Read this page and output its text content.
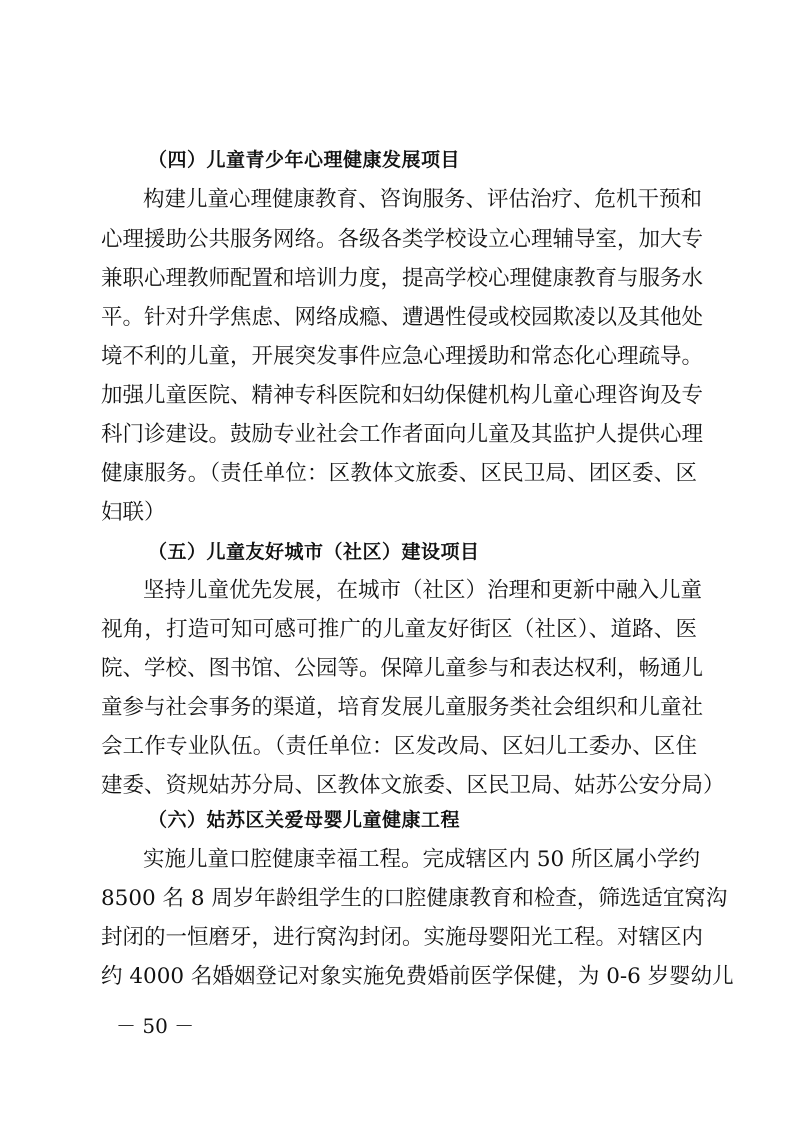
（四）儿童青少年心理健康发展项目

构建儿童心理健康教育、咨询服务、评估治疗、危机干预和

心理援助公共服务网络。各级各类学校设立心理辅导室，加大专

兼职心理教师配置和培训力度，提高学校心理健康教育与服务水

平。针对升学焦虑、网络成瘾、遭遇性侵或校园欺凌以及其他处

境不利的儿童，开展突发事件应急心理援助和常态化心理疏导。

加强儿童医院、精神专科医院和妇幼保健机构儿童心理咨询及专

科门诊建设。鼓励专业社会工作者面向儿童及其监护人提供心理

健康服务。（责任单位：区教体文旅委、区民卫局、团区委、区

妇联）

（五）儿童友好城市（社区）建设项目

坚持儿童优先发展，在城市（社区）治理和更新中融入儿童

视角，打造可知可感可推广的儿童友好街区（社区）、道路、医

院、学校、图书馆、公园等。保障儿童参与和表达权利，畅通儿

童参与社会事务的渠道，培育发展儿童服务类社会组织和儿童社

会工作专业队伍。（责任单位：区发改局、区妇儿工委办、区住

建委、资规姑苏分局、区教体文旅委、区民卫局、姑苏公安分局）

（六）姑苏区关爱母婴儿童健康工程

实施儿童口腔健康幸福工程。完成辖区内 50 所区属小学约

8500 名 8 周岁年龄组学生的口腔健康教育和检查，筛选适宜窝沟

封闭的一恒磨牙，进行窝沟封闭。实施母婴阳光工程。对辖区内

约 4000 名婚姻登记对象实施免费婚前医学保健，为 0-6 岁婴幼儿

－ 50 －
